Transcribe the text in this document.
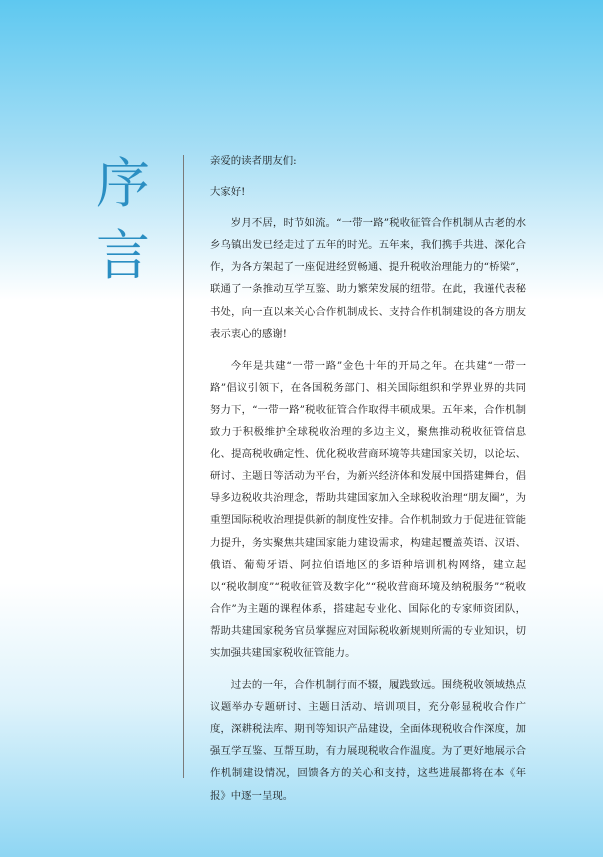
序
言

亲爱的读者朋友们:

大家好!

岁月不居，时节如流。“一带一路”税收征管合作机制从古老的水乡乌镇出发已经走过了五年的时光。五年来，我们携手共进、深化合作，为各方架起了一座促进经贸畅通、提升税收治理能力的“桥梁”，联通了一条推动互学互鉴、助力繁荣发展的纽带。在此，我谨代表秘书处，向一直以来关心合作机制成长、支持合作机制建设的各方朋友表示衷心的感谢!

今年是共建“一带一路”金色十年的开局之年。在共建“一带一路”倡议引领下，在各国税务部门、相关国际组织和学界业界的共同努力下，“一带一路”税收征管合作取得丰硕成果。五年来，合作机制致力于积极维护全球税收治理的多边主义，聚焦推动税收征管信息化、提高税收确定性、优化税收营商环境等共建国家关切，以论坛、研讨、主题日等活动为平台，为新兴经济体和发展中国搭建舞台，倡导多边税收共治理念，帮助共建国家加入全球税收治理“朋友圈”，为重塑国际税收治理提供新的制度性安排。合作机制致力于促进征管能力提升，务实聚焦共建国家能力建设需求，构建起覆盖英语、汉语、俄语、葡萄牙语、阿拉伯语地区的多语种培训机构网络，建立起以“税收制度”“税收征管及数字化”“税收营商环境及纳税服务”“税收合作”为主题的课程体系，搭建起专业化、国际化的专家师资团队，帮助共建国家税务官员掌握应对国际税收新规则所需的专业知识，切实加强共建国家税收征管能力。

过去的一年，合作机制行而不辍，履践致远。围绕税收领域热点议题举办专题研讨、主题日活动、培训项目，充分彰显税收合作广度，深耕税法库、期刊等知识产品建设，全面体现税收合作深度，加强互学互鉴、互帮互助，有力展现税收合作温度。为了更好地展示合作机制建设情况，回馈各方的关心和支持，这些进展都将在本《年报》中逐一呈现。
